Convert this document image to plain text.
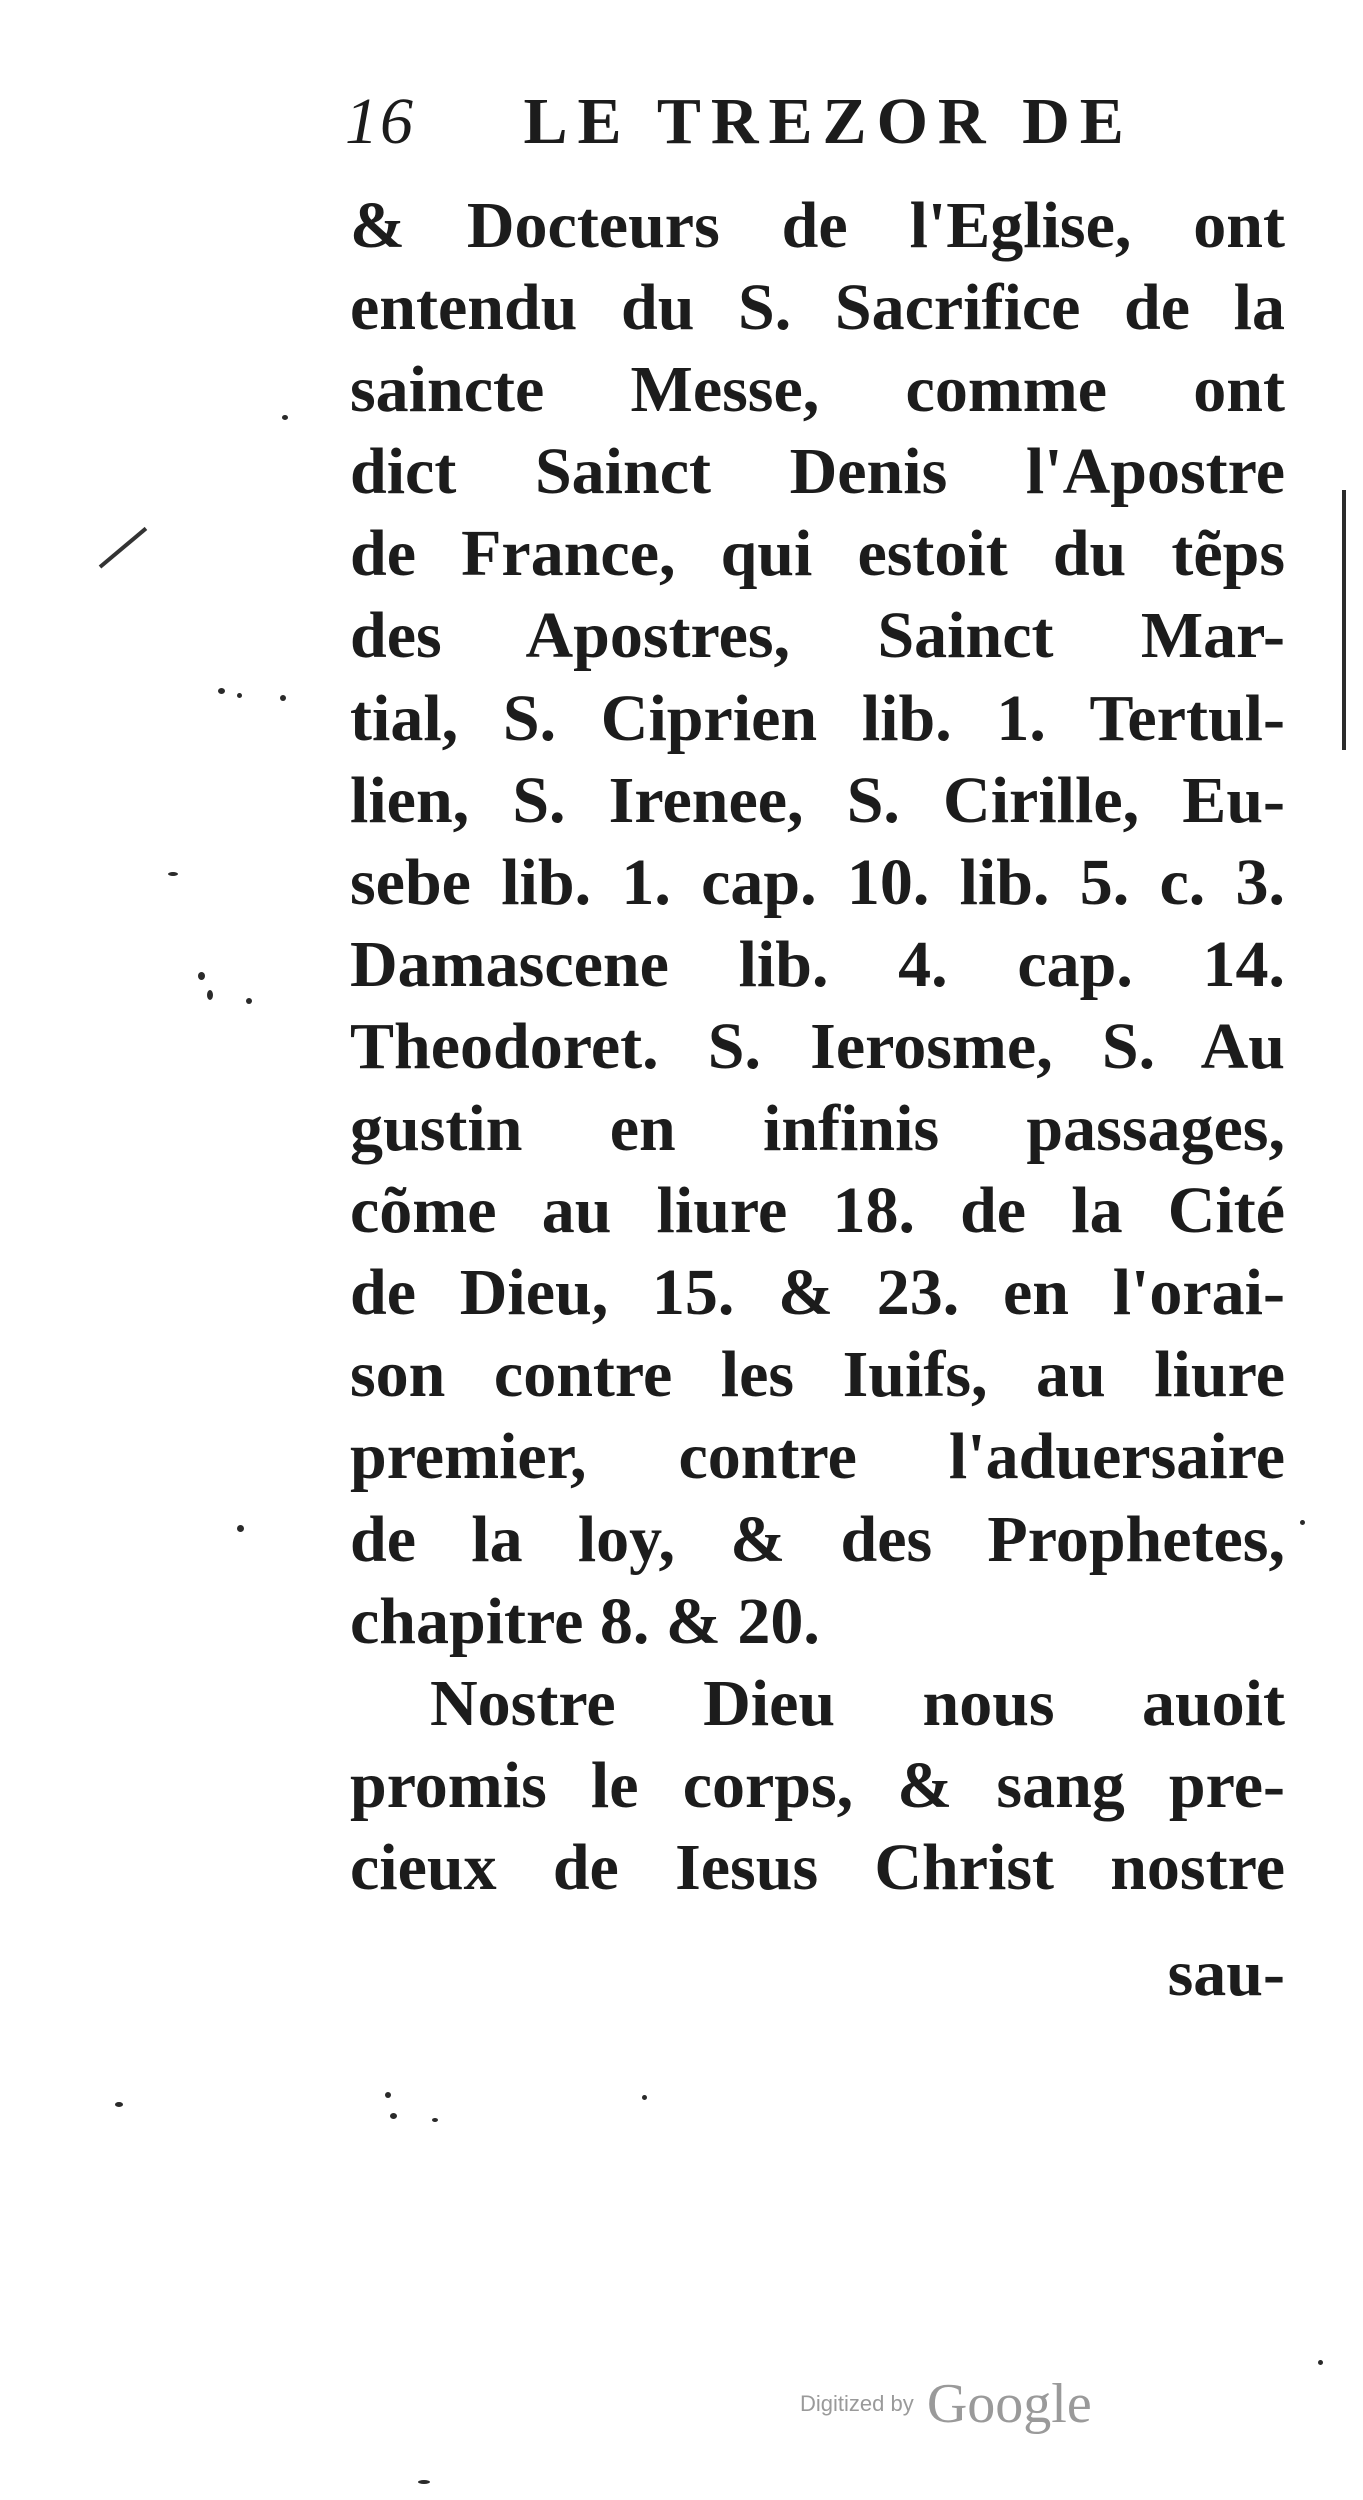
16 LE TREZOR DE
& Docteurs de l'Eglise, ont
entendu du S. Sacrifice de la
saincte Messe, comme ont
dict Sainct Denis l'Apostre
de France, qui estoit du tẽps
des Apostres, Sainct Mar-
tial, S. Ciprien lib. 1. Tertul-
lien, S. Irenee, S. Cirille, Eu-
sebe lib. 1. cap. 10. lib. 5. c. 3.
Damascene lib. 4. cap. 14.
Theodoret. S. Ierosme, S. Au
gustin en infinis passages,
cõme au liure 18. de la Cité
de Dieu, 15. & 23. en l'orai-
son contre les Iuifs, au liure
premier, contre l'aduersaire
de la loy, & des Prophetes,
chapitre 8. & 20.
Nostre Dieu nous auoit
promis le corps, & sang pre-
cieux de Iesus Christ nostre
sau-
Digitized by Google
